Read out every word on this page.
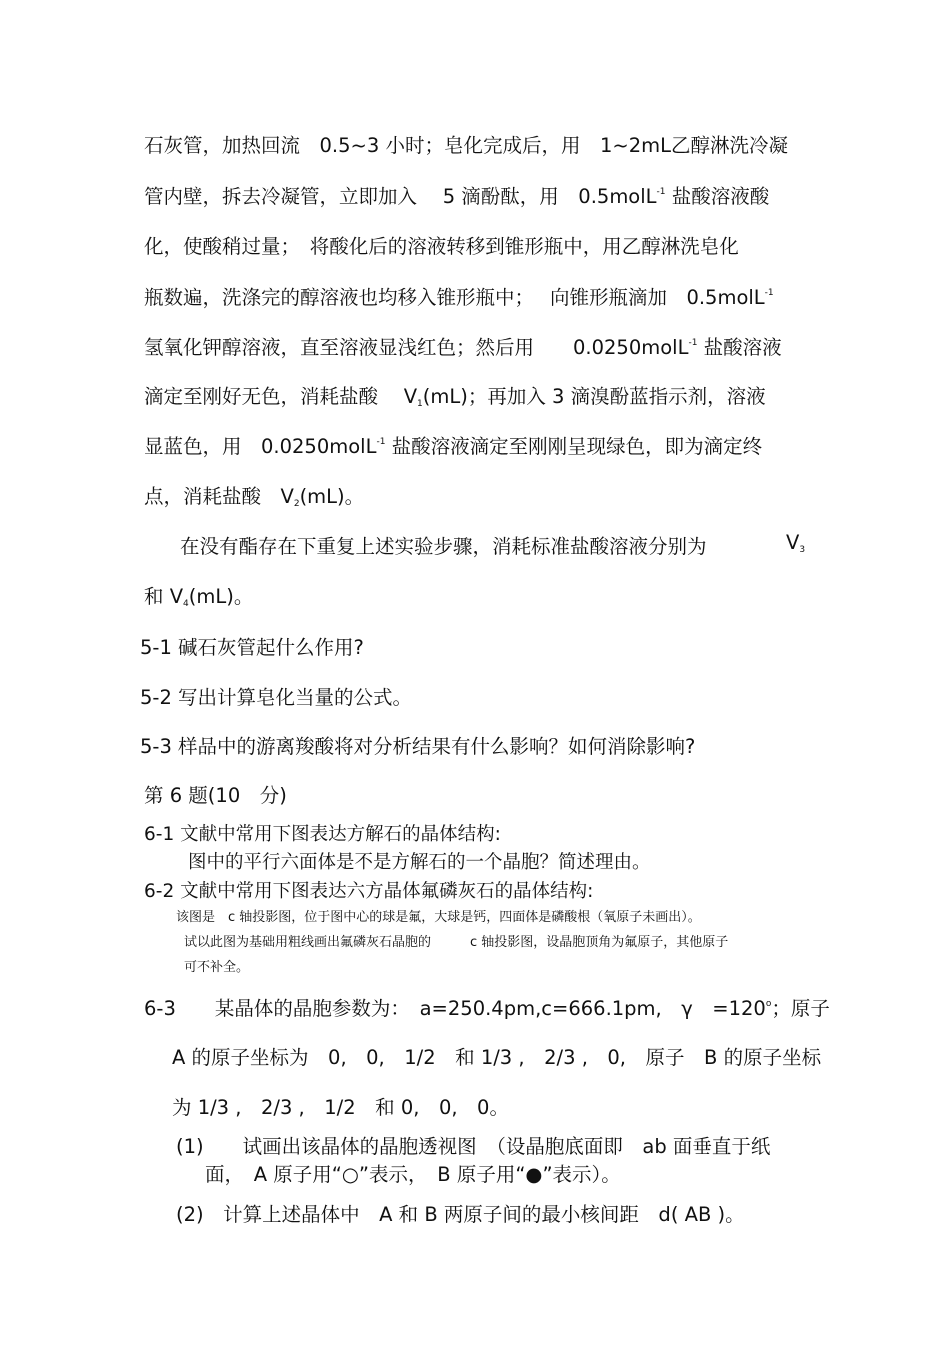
石灰管，加热回流　0.5~3 小时；皂化完成后，用　1~2mL乙醇淋洗冷凝
管内壁，拆去冷凝管，立即加入　 5 滴酚酞，用　0.5molL$^{-1}$ 盐酸溶液酸
化，使酸稍过量；　将酸化后的溶液转移到锥形瓶中，用乙醇淋洗皂化
瓶数遍，洗涤完的醇溶液也均移入锥形瓶中；　 向锥形瓶滴加　0.5molL$^{-1}$
氢氧化钾醇溶液，直至溶液显浅红色；然后用　　0.0250molL$^{-1}$ 盐酸溶液
滴定至刚好无色，消耗盐酸　 $V_1(mL)$；再加入 3 滴溴酚蓝指示剂，溶液
显蓝色，用　0.0250molL$^{-1}$ 盐酸溶液滴定至刚刚呈现绿色，即为滴定终
点，消耗盐酸　$V_2(mL)$。
在没有酯存在下重复上述实验步骤，消耗标准盐酸溶液分别为	$V_3$
和 $V_4(mL)$。
5-1 碱石灰管起什么作用?
5-2 写出计算皂化当量的公式。
5-3 样品中的游离羧酸将对分析结果有什么影响？如何消除影响?
第 6 题(10　分)
6-1 文献中常用下图表达方解石的晶体结构:
图中的平行六面体是不是方解石的一个晶胞？简述理由。
6-2 文献中常用下图表达六方晶体氟磷灰石的晶体结构:
该图是　c 轴投影图，位于图中心的球是氟，大球是钙，四面体是磷酸根（氧原子未画出）。
试以此图为基础用粗线画出氟磷灰石晶胞的　　　c 轴投影图，设晶胞顶角为氟原子，其他原子
可不补全。
6-3　　某晶体的晶胞参数为：　a=250.4pm,c=666.1pm,　γ　$=120^o$；原子
A 的原子坐标为　0,　0,　1/2　和 1/3 ,　2/3 ,　0,　原子　B 的原子坐标
为 1/3 ,　2/3 ,　1/2　和 0,　0,　0。
(1)　　试画出该晶体的晶胞透视图　（设晶胞底面即　ab 面垂直于纸
面，　A 原子用“○”表示，　B 原子用“●”表示）。
(2)　计算上述晶体中　A 和 B 两原子间的最小核间距　d( AB )。
